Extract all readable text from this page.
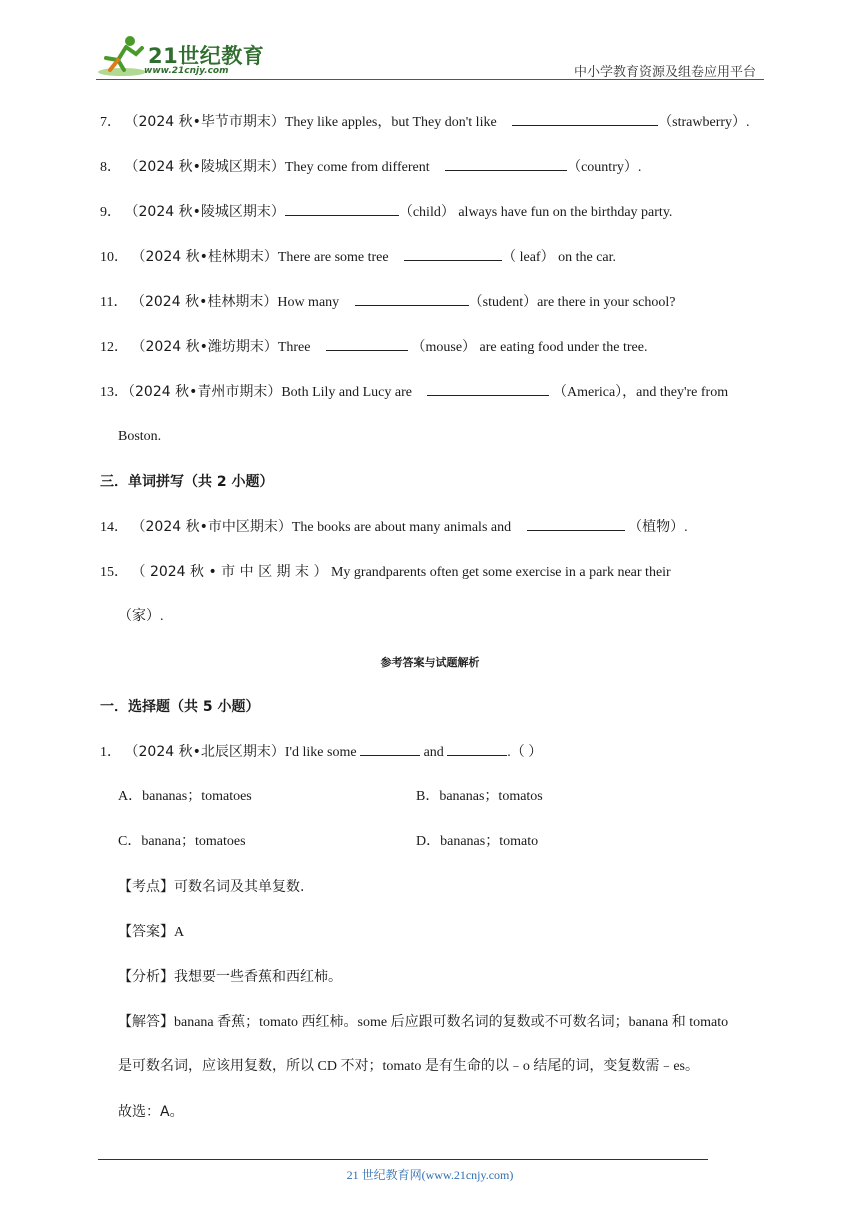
21世纪教育
www.21cnjy.com	中小学教育资源及组卷应用平台
7． （2024 秋•毕节市期末）They like apples，but They don't like	（strawberry）.
8． （2024 秋•陵城区期末）They come from different	（country）.
9． （2024 秋•陵城区期末）	（child） always have fun on the birthday party.
10． （2024 秋•桂林期末）There are some tree	（ leaf） on the car.
11． （2024 秋•桂林期末）How many	（student）are there in your school?
12． （2024 秋•潍坊期末）Three	（mouse） are eating food under the tree.
13．（2024 秋•青州市期末）Both Lily and Lucy are	（America），and they're from
Boston.
三．单词拼写（共 2 小题）
14． （2024 秋•市中区期末）The books are about many animals and	（植物）.
15． （ 2024 秋 • 市 中 区 期 末 ） My grandparents often get some exercise in a park near their
（家）.
参考答案与试题解析
一．选择题（共 5 小题）
1． （2024 秋•北辰区期末）I'd like some	and	.（ ）
A．bananas；tomatoes	B．bananas；tomatos
C．banana；tomatoes	D．bananas；tomato
【考点】可数名词及其单复数.
【答案】A
【分析】我想要一些香蕉和西红柿。
【解答】banana 香蕉；tomato 西红柿。some 后应跟可数名词的复数或不可数名词；banana 和 tomato
是可数名词，应该用复数，所以 CD 不对；tomato 是有生命的以﹣o 结尾的词，变复数需﹣es。
故选：A。
21 世纪教育网(www.21cnjy.com)
